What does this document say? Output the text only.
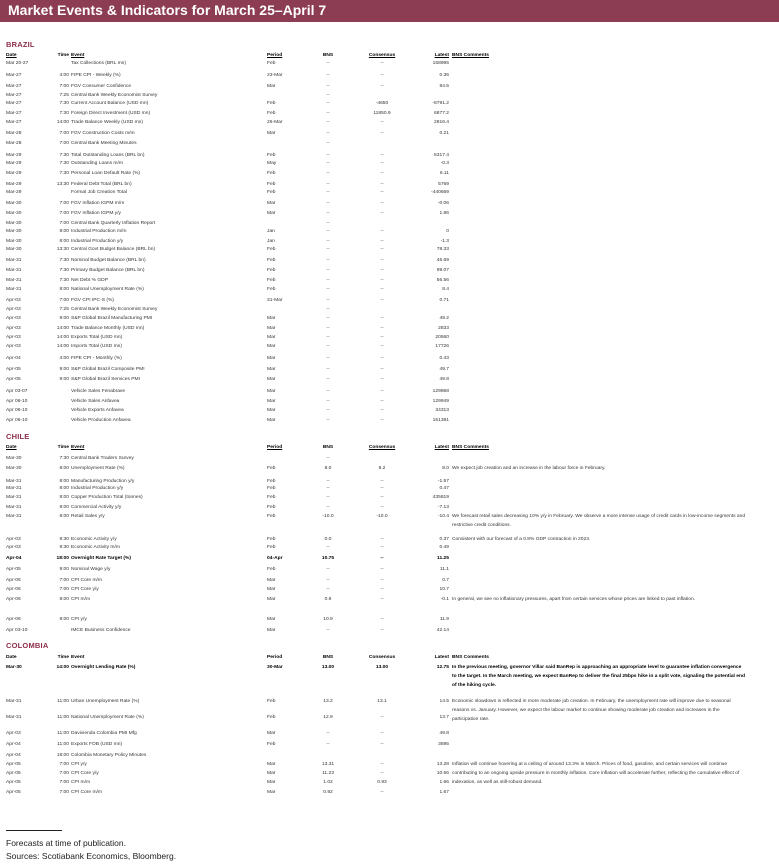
Market Events & Indicators for March 25–April 7
BRAZIL
Date	Time Event	Period	BNS	Consensus	Latest BNS Comments
Mar 20-27	Tax Collections (BRL mn)	Feb	--	--	158995
Mar-27	4:00 FIPE CPI - Weekly (%)	23-Mar	--	--	0.36
Mar-27	7:00 FGV Consumer Confidence	Mar	--	--	84.5
Mar-27	7:25 Central Bank Weekly Economist Survey	--
Mar-27	7:30 Current Account Balance (USD mn)	Feb	--	-4650	-8791.2
Mar-27	7:30 Foreign Direct Investment (USD mn)	Feb	--	11850.9	6877.2
Mar-27	14:00 Trade Balance Weekly (USD mn)	26-Mar	--	--	2816.4
Mar-28	7:00 FGV Construction Costs m/m	Mar	--	--	0.21
Mar-28	7:00 Central Bank Meeting Minutes	--
Mar-29	7:30 Total Outstanding Loans (BRL bn)	Feb	--	--	5317.4
Mar-29	7:30 Outstanding Loans m/m	May	--	--	-0.3
Mar-29	7:30 Personal Loan Default Rate (%)	Feb	--	--	6.11
Mar-29	13:30 Federal Debt Total (BRL bn)	Feb	--	--	5769
Mar-29	Formal Job Creation Total	Feb	--	--	-440669
Mar-30	7:00 FGV Inflation IGPM m/m	Mar	--	--	-0.06
Mar-30	7:00 FGV Inflation IGPM y/y	Mar	--	--	1.86
Mar-30	7:00 Central Bank Quarterly Inflation Report	--
Mar-30	8:00 Industrial Production m/m	Jan	--	--	0
Mar-30	8:00 Industrial Production y/y	Jan	--	--	-1.3
Mar-30	13:30 Central Govt Budget Balance (BRL bn)	Feb	--	--	78.33
Mar-31	7:30 Nominal Budget Balance (BRL bn)	Feb	--	--	46.69
Mar-31	7:30 Primary Budget Balance (BRL bn)	Feb	--	--	99.07
Mar-31	7:30 Net Debt % GDP	Feb	--	--	56.56
Mar-31	8:00 National Unemployment Rate (%)	Feb	--	--	8.4
Apr-03	7:00 FGV CPI IPC-S (%)	31-Mar	--	--	0.71
Apr-03	7:25 Central Bank Weekly Economist Survey	--
Apr-03	9:00 S&P Global Brazil Manufacturing PMI	Mar	--	--	49.2
Apr-03	14:00 Trade Balance Monthly (USD mn)	Mar	--	--	2833
Apr-03	14:00 Exports Total (USD mn)	Mar	--	--	20560
Apr-03	14:00 Imports Total (USD mn)	Mar	--	--	17726
Apr-04	4:00 FIPE CPI - Monthly (%)	Mar	--	--	0.43
Apr-05	9:00 S&P Global Brazil Composite PMI	Mar	--	--	49.7
Apr-05	9:00 S&P Global Brazil Services PMI	Mar	--	--	49.8
Apr 03-07	Vehicle Sales Fenabrave	Mar	--	--	129868
Apr 06-10	Vehicle Sales Anfavea	Mar	--	--	129949
Apr 06-10	Vehicle Exports Anfavea	Mar	--	--	34313
Apr 06-10	Vehicle Production Anfavea	Mar	--	--	161381
CHILE
Date	Time Event	Period	BNS	Consensus	Latest BNS Comments
Mar-30	7:30 Central Bank Traders Survey	--
Mar-30	8:00 Unemployment Rate (%)	Feb	8.0	8.2	8.0 We expect job creation and an increase in the labour force in February.
Mar-31	8:00 Manufacturing Production y/y	Feb	--	--	-1.57
Mar-31	8:00 Industrial Production y/y	Feb	--	--	0.47
Mar-31	8:00 Copper Production Total (tonnes)	Feb	--	--	435819
Mar-31	8:00 Commercial Activity y/y	Feb	--	--	-7.13
Mar-31	8:00 Retail Sales y/y	Feb	-10.0	-10.0	-10.4 We forecast retail sales decreasing 10% y/y in February. We observe a more intense usage of credit cards in low-income segments and restrictive credit conditions.
Apr-03	8:30 Economic Activity y/y	Feb	0.0	--	0.37 Consistent with our forecast of a 0.8% GDP contraction in 2023.
Apr-03	8:30 Economic Activity m/m	Feb	--	--	0.49
Apr-04	18:00 Overnight Rate Target (%)	04-Apr	10.75	--	11.25
Apr-05	9:00 Nominal Wage y/y	Feb	--	--	11.1
Apr-06	7:00 CPI Core m/m	Mar	--	--	0.7
Apr-06	7:00 CPI Core y/y	Mar	--	--	10.7
Apr-06	8:00 CPI m/m	Mar	0.9	--	-0.1 In general, we see no inflationary pressures, apart from certain services whose prices are linked to past inflation.
Apr-06	8:00 CPI y/y	Mar	10.9	--	11.9
Apr 03-10	IMCE Business Confidence	Mar	--	--	42.14
COLOMBIA
Date	Time Event	Period	BNS	Consensus	Latest BNS Comments
Mar-30	14:00 Overnight Lending Rate (%)	30-Mar	13.00	13.00	12.75 In the previous meeting, governor Villar said BanRep is approaching an appropriate level to guarantee inflation convergence to the target. In the March meeting, we expect BanRep to deliver the final 25bps hike in a split vote, signaling the potential end of the hiking cycle.
Mar-31	11:00 Urban Unemployment Rate (%)	Feb	13.2	13.1	14.5 Economic slowdown is reflected in more moderate job creation. In February, the unemployment rate will improve due to seasonal reasons vs. January. However, we expect the labour market to continue showing moderate job creation and increases in the participation rate.
Mar-31	11:00 National Unemployment Rate (%)	Feb	12.9	--	13.7
Apr-03	11:00 Davivienda Colombia PMI Mfg	Mar	--	--	49.8
Apr-04	11:00 Exports FOB (USD mn)	Feb	--	--	3695
Apr-04	18:00 Colombia Monetary Policy Minutes
Apr-05	7:00 CPI y/y	Mar	13.31	--	13.28 Inflation will continue hovering at a ceiling of around 13.3% in March. Prices of food, gasoline, and certain services will continue contributing to an ongoing upside pressure in monthly inflation. Core inflation will accelerate further, reflecting the cumulative effect of indexation, as well as still-robust demand.
Apr-05	7:00 CPI Core y/y	Mar	11.23	--	10.66
Apr-05	7:00 CPI m/m	Mar	1.02	0.93	1.66
Apr-05	7:00 CPI Core m/m	Mar	0.92	--	1.67
Forecasts at time of publication.
Sources: Scotiabank Economics, Bloomberg.
